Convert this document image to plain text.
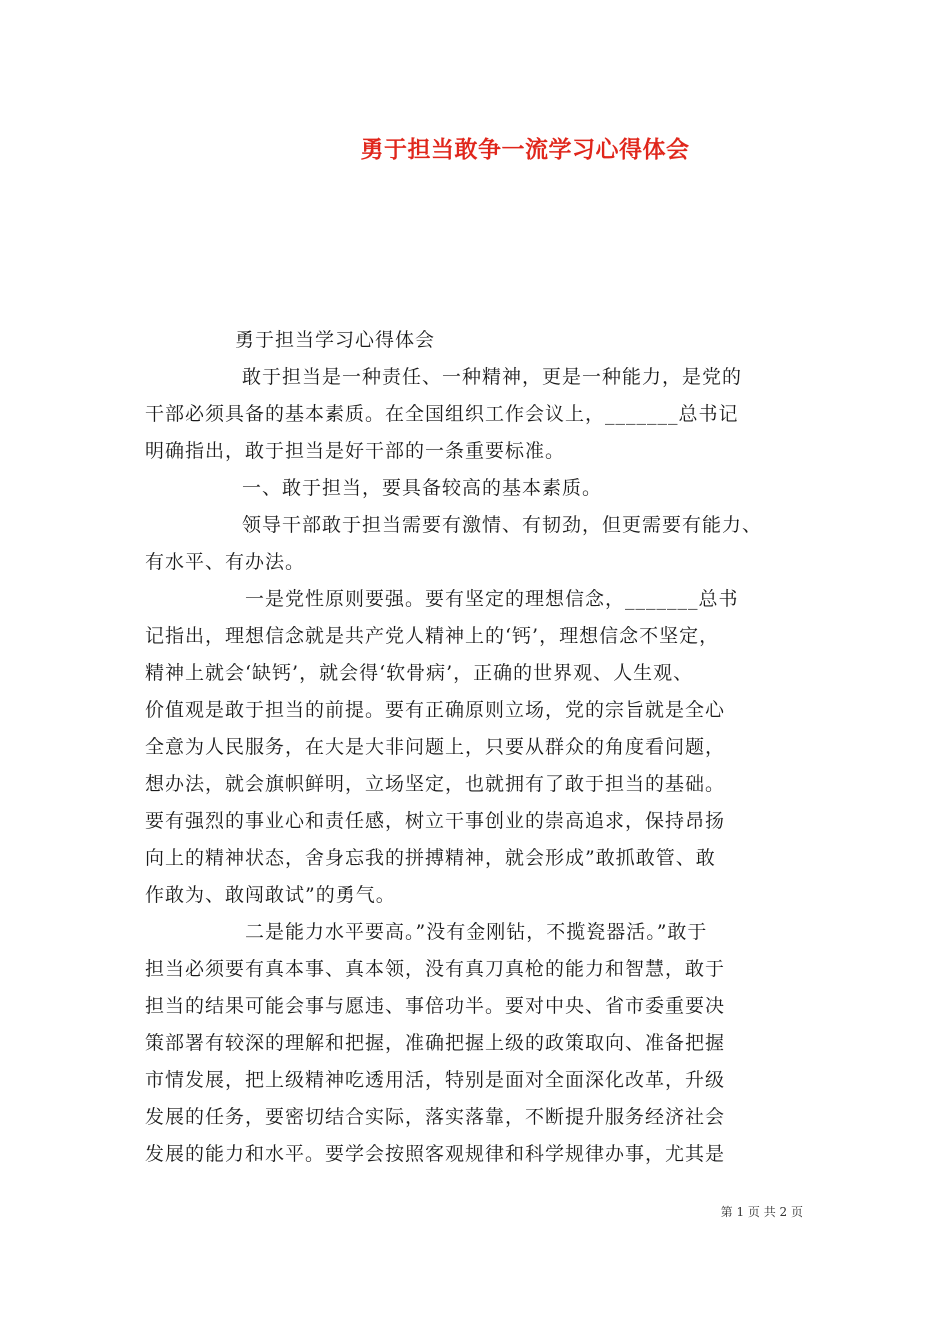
勇于担当敢争一流学习心得体会
勇于担当学习心得体会
敢于担当是一种责任、一种精神，更是一种能力，是党的
干部必须具备的基本素质。在全国组织工作会议上，_______总书记
明确指出，敢于担当是好干部的一条重要标准。
一、敢于担当，要具备较高的基本素质。
领导干部敢于担当需要有激情、有韧劲，但更需要有能力、
有水平、有办法。
一是党性原则要强。要有坚定的理想信念，_______总书
记指出，理想信念就是共产党人精神上的‘钙’，理想信念不坚定，
精神上就会‘缺钙’，就会得‘软骨病’，正确的世界观、人生观、
价值观是敢于担当的前提。要有正确原则立场，党的宗旨就是全心
全意为人民服务，在大是大非问题上，只要从群众的角度看问题，
想办法，就会旗帜鲜明，立场坚定，也就拥有了敢于担当的基础。
要有强烈的事业心和责任感，树立干事创业的崇高追求，保持昂扬
向上的精神状态，舍身忘我的拼搏精神，就会形成”敢抓敢管、敢
作敢为、敢闯敢试”的勇气。
二是能力水平要高。”没有金刚钻，不揽瓷器活。”敢于
担当必须要有真本事、真本领，没有真刀真枪的能力和智慧，敢于
担当的结果可能会事与愿违、事倍功半。要对中央、省市委重要决
策部署有较深的理解和把握，准确把握上级的政策取向、准备把握
市情发展，把上级精神吃透用活，特别是面对全面深化改革，升级
发展的任务，要密切结合实际，落实落靠，不断提升服务经济社会
发展的能力和水平。要学会按照客观规律和科学规律办事，尤其是
第 1 页 共 2 页
